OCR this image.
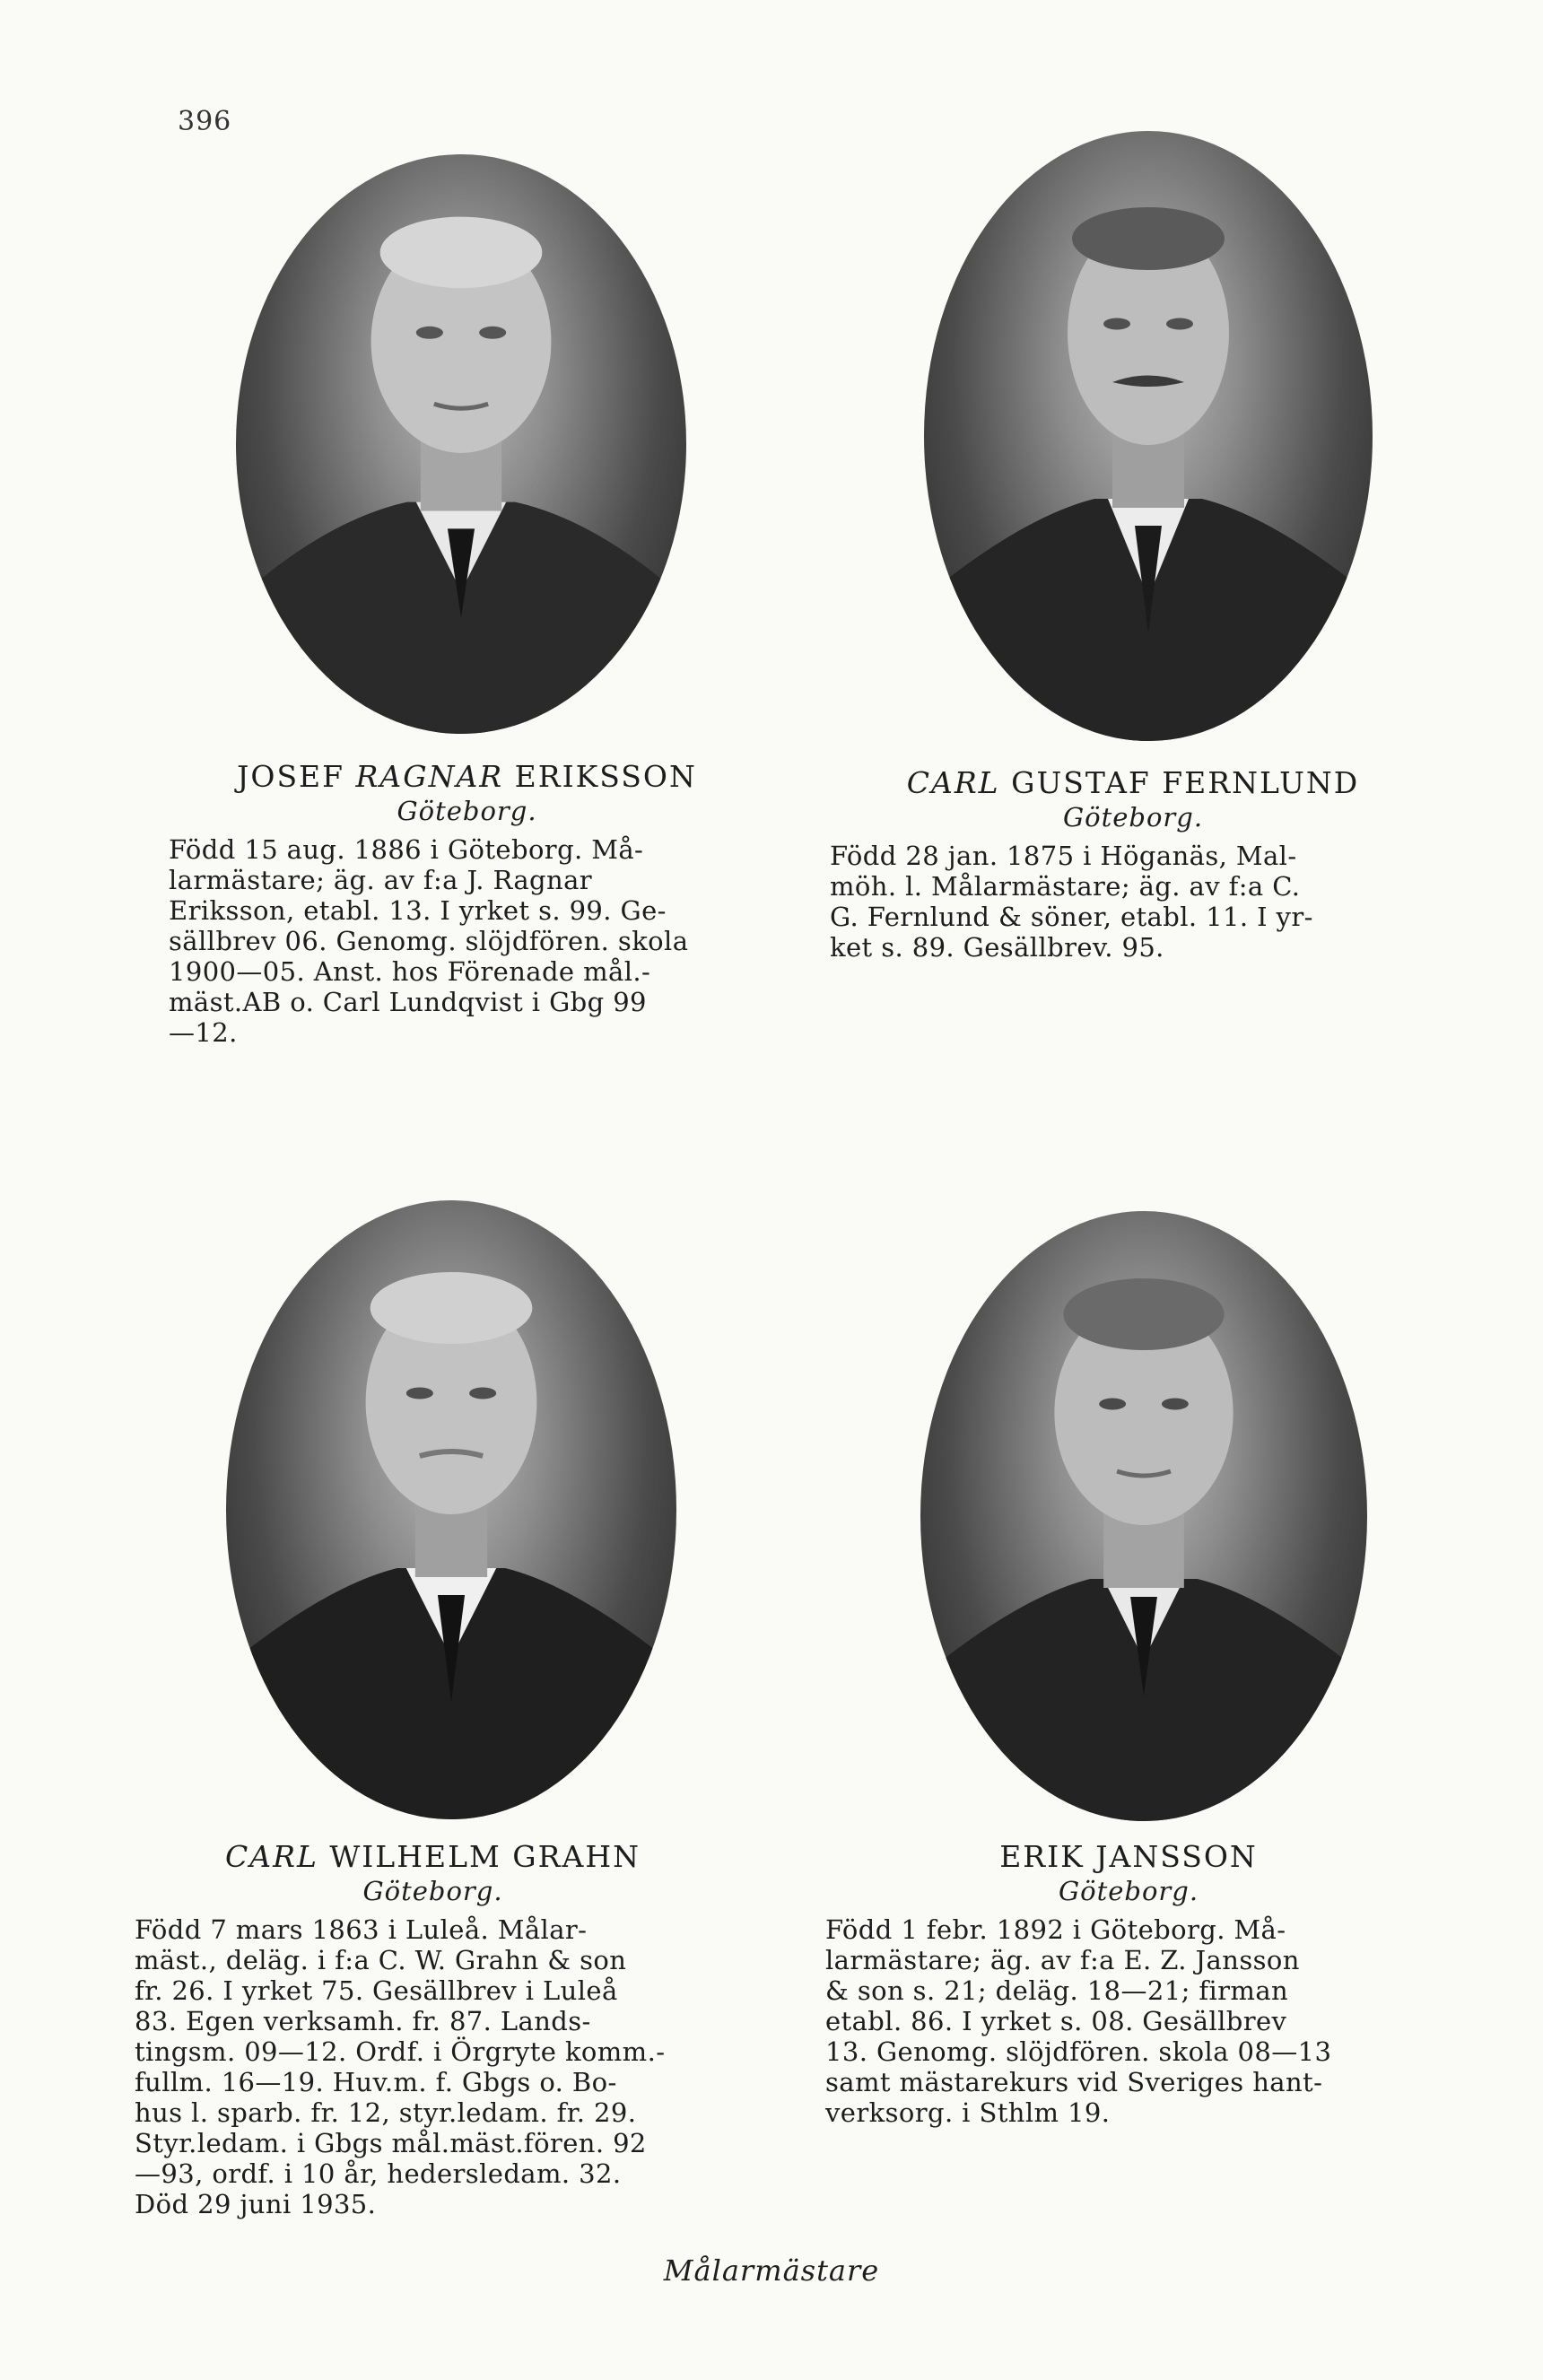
396
JOSEF RAGNAR ERIKSSON
Göteborg.
Född 15 aug. 1886 i Göteborg. Må-
larmästare; äg. av f:a J. Ragnar
Eriksson, etabl. 13. I yrket s. 99. Ge-
sällbrev 06. Genomg. slöjdfören. skola
1900—05. Anst. hos Förenade mål.-
mäst.AB o. Carl Lundqvist i Gbg 99
—12.
CARL GUSTAF FERNLUND
Göteborg.
Född 28 jan. 1875 i Höganäs, Mal-
möh. l. Målarmästare; äg. av f:a C.
G. Fernlund & söner, etabl. 11. I yr-
ket s. 89. Gesällbrev. 95.
CARL WILHELM GRAHN
Göteborg.
Född 7 mars 1863 i Luleå. Målar-
mäst., deläg. i f:a C. W. Grahn & son
fr. 26. I yrket 75. Gesällbrev i Luleå
83. Egen verksamh. fr. 87. Lands-
tingsm. 09—12. Ordf. i Örgryte komm.-
fullm. 16—19. Huv.m. f. Gbgs o. Bo-
hus l. sparb. fr. 12, styr.ledam. fr. 29.
Styr.ledam. i Gbgs mål.mäst.fören. 92
—93, ordf. i 10 år, hedersledam. 32.
Död 29 juni 1935.
ERIK JANSSON
Göteborg.
Född 1 febr. 1892 i Göteborg. Må-
larmästare; äg. av f:a E. Z. Jansson
& son s. 21; deläg. 18—21; firman
etabl. 86. I yrket s. 08. Gesällbrev
13. Genomg. slöjdfören. skola 08—13
samt mästarekurs vid Sveriges hant-
verksorg. i Sthlm 19.
Målarmästare
